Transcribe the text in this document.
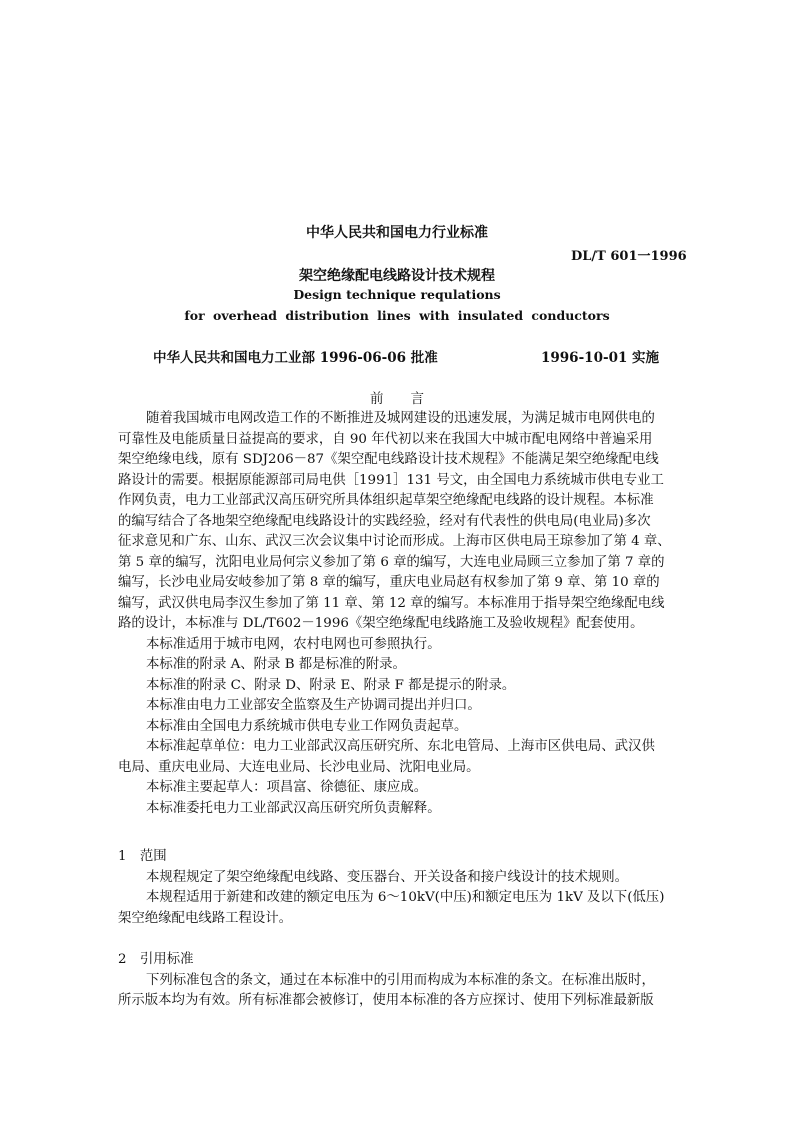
中华人民共和国电力行业标准
DL/T 601一1996
架空绝缘配电线路设计技术规程
Design technique requlations
for overhead distribution lines with insulated conductors
中华人民共和国电力工业部 1996-06-06 批准	1996-10-01 实施
前　　言
随着我国城市电网改造工作的不断推进及城网建设的迅速发展，为满足城市电网供电的
可靠性及电能质量日益提高的要求，自 90 年代初以来在我国大中城市配电网络中普遍采用
架空绝缘电线，原有 SDJ206－87《架空配电线路设计技术规程》不能满足架空绝缘配电线
路设计的需要。根据原能源部司局电供［1991］131 号文，由全国电力系统城市供电专业工
作网负责，电力工业部武汉高压研究所具体组织起草架空绝缘配电线路的设计规程。本标准
的编写结合了各地架空绝缘配电线路设计的实践经验，经对有代表性的供电局(电业局)多次
征求意见和广东、山东、武汉三次会议集中讨论而形成。上海市区供电局王琼参加了第 4 章、
第 5 章的编写，沈阳电业局何宗义参加了第 6 章的编写，大连电业局顾三立参加了第 7 章的
编写，长沙电业局安岐参加了第 8 章的编写，重庆电业局赵有权参加了第 9 章、第 10 章的
编写，武汉供电局李汉生参加了第 11 章、第 12 章的编写。本标准用于指导架空绝缘配电线
路的设计，本标准与 DL/T602－1996《架空绝缘配电线路施工及验收规程》配套使用。
本标准适用于城市电网，农村电网也可参照执行。
本标准的附录 A、附录 B 都是标准的附录。
本标准的附录 C、附录 D、附录 E、附录 F 都是提示的附录。
本标准由电力工业部安全监察及生产协调司提出并归口。
本标准由全国电力系统城市供电专业工作网负责起草。
本标准起草单位：电力工业部武汉高压研究所、东北电管局、上海市区供电局、武汉供
电局、重庆电业局、大连电业局、长沙电业局、沈阳电业局。
本标准主要起草人：项昌富、徐德征、康应成。
本标准委托电力工业部武汉高压研究所负责解释。
1　范围
本规程规定了架空绝缘配电线路、变压器台、开关设备和接户线设计的技术规则。
本规程适用于新建和改建的额定电压为 6～10kV(中压)和额定电压为 1kV 及以下(低压)
架空绝缘配电线路工程设计。
2　引用标准
下列标准包含的条文，通过在本标准中的引用而构成为本标准的条文。在标准出版时，
所示版本均为有效。所有标准都会被修订，使用本标准的各方应探讨、使用下列标准最新版
